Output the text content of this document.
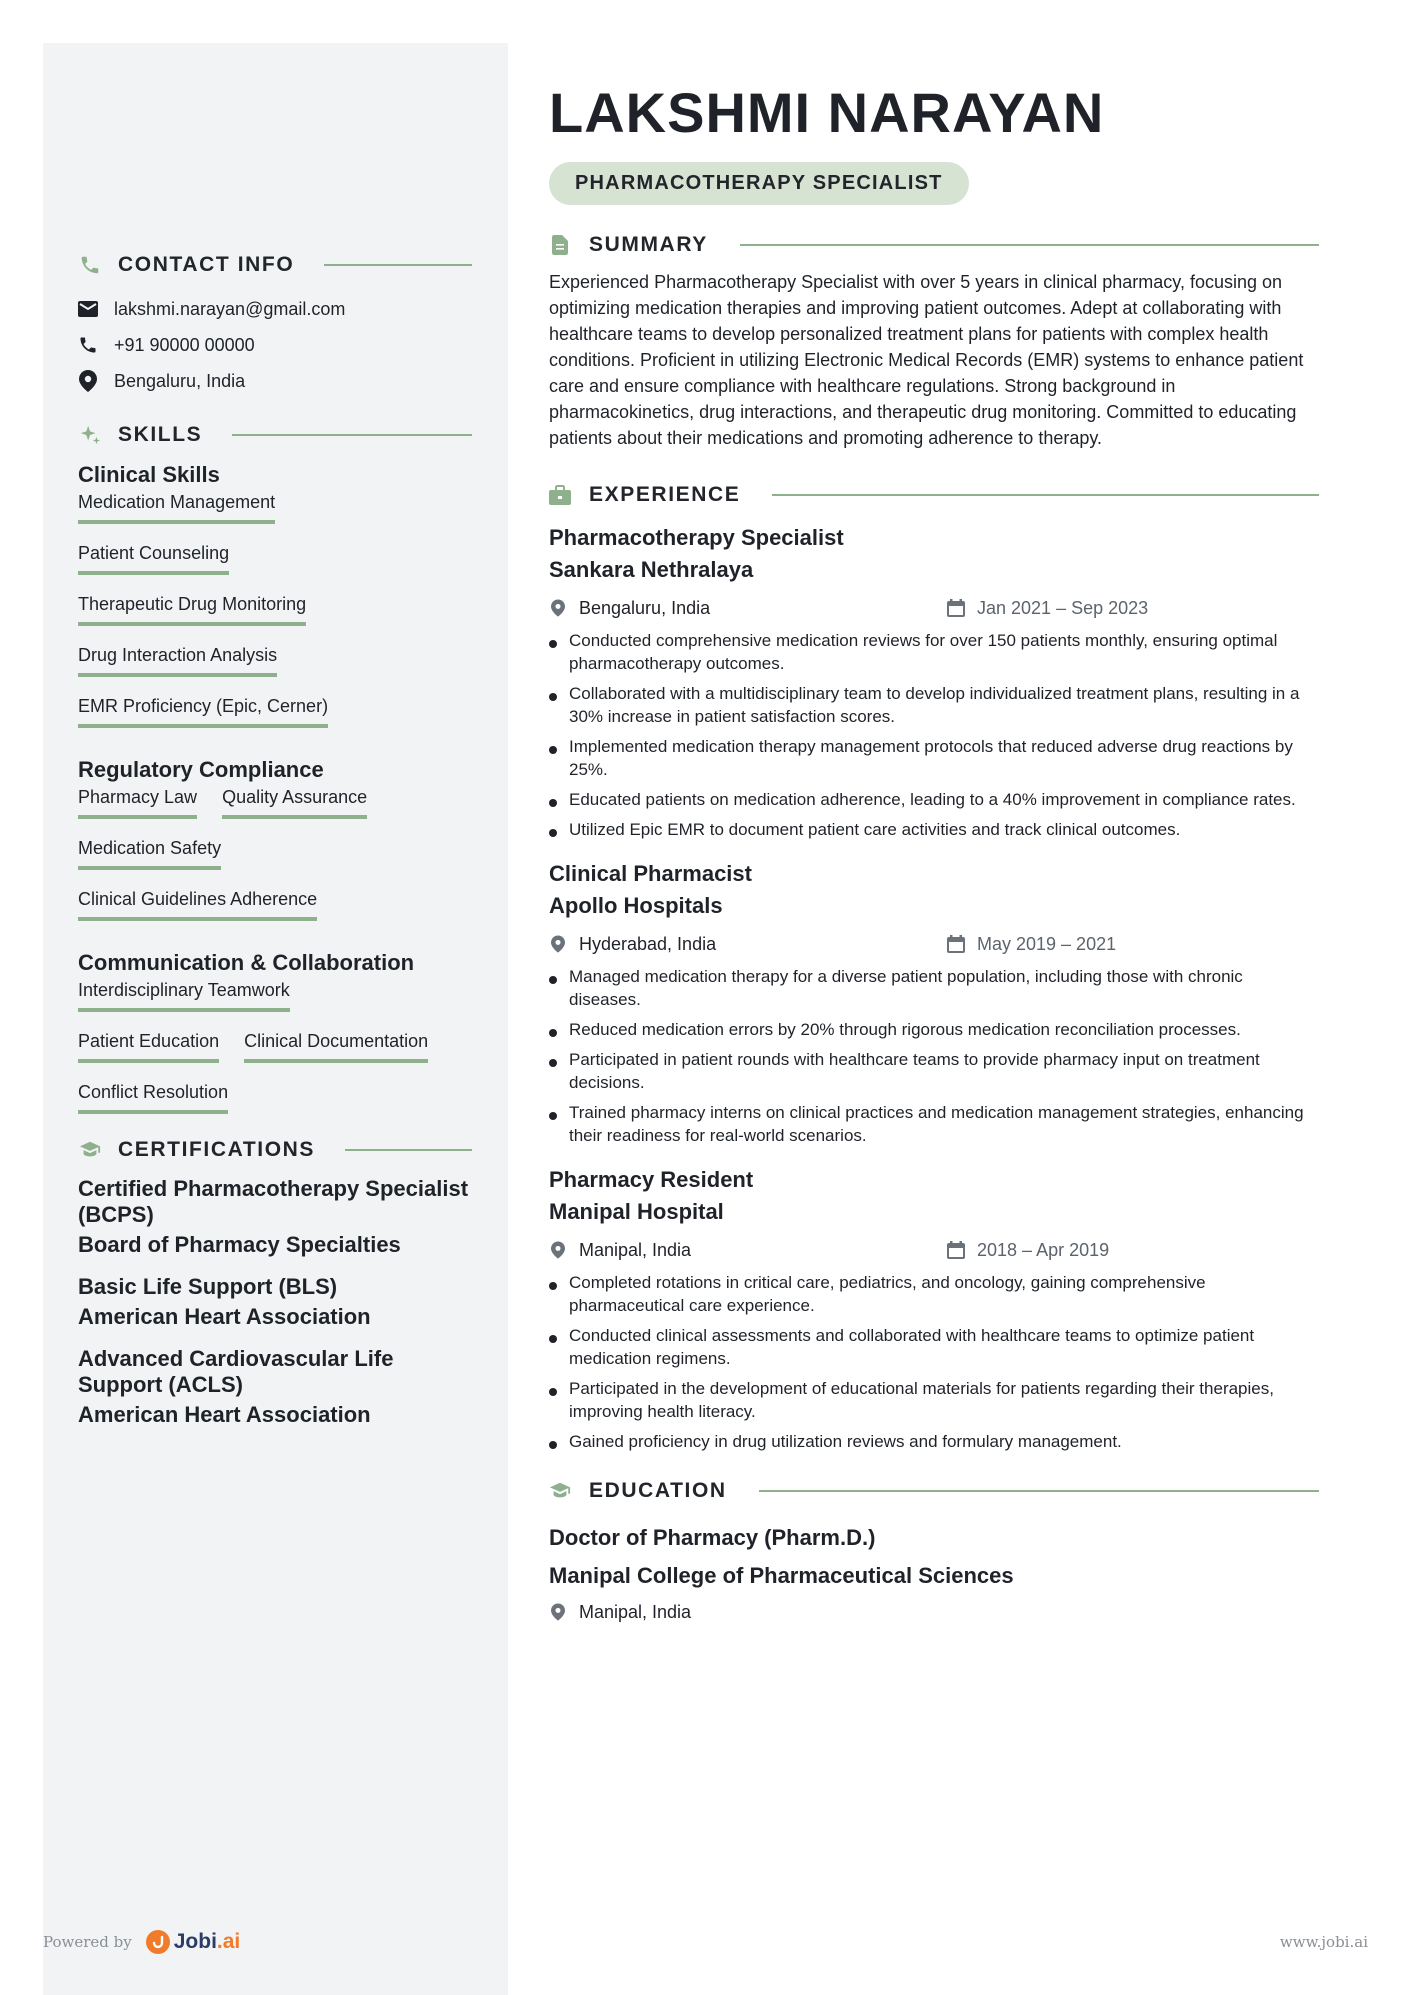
CONTACT INFO
lakshmi.narayan@gmail.com
+91 90000 00000
Bengaluru, India
SKILLS
Clinical Skills
Medication Management
Patient Counseling
Therapeutic Drug Monitoring
Drug Interaction Analysis
EMR Proficiency (Epic, Cerner)
Regulatory Compliance
Pharmacy Law Quality Assurance
Medication Safety
Clinical Guidelines Adherence
Communication & Collaboration
Interdisciplinary Teamwork
Patient Education Clinical Documentation
Conflict Resolution
CERTIFICATIONS
Certified Pharmacotherapy Specialist (BCPS)
Board of Pharmacy Specialties
Basic Life Support (BLS)
American Heart Association
Advanced Cardiovascular Life Support (ACLS)
American Heart Association
LAKSHMI NARAYAN
PHARMACOTHERAPY SPECIALIST
SUMMARY

Experienced Pharmacotherapy Specialist with over 5 years in clinical pharmacy, focusing on optimizing medication therapies and improving patient outcomes. Adept at collaborating with healthcare teams to develop personalized treatment plans for patients with complex health conditions. Proficient in utilizing Electronic Medical Records (EMR) systems to enhance patient care and ensure compliance with healthcare regulations. Strong background in pharmacokinetics, drug interactions, and therapeutic drug monitoring. Committed to educating patients about their medications and promoting adherence to therapy.

EXPERIENCE
Pharmacotherapy Specialist
Sankara Nethralaya
Bengaluru, India	Jan 2021 – Sep 2023
Conducted comprehensive medication reviews for over 150 patients monthly, ensuring optimal pharmacotherapy outcomes.
Collaborated with a multidisciplinary team to develop individualized treatment plans, resulting in a 30% increase in patient satisfaction scores.
Implemented medication therapy management protocols that reduced adverse drug reactions by 25%.
Educated patients on medication adherence, leading to a 40% improvement in compliance rates.
Utilized Epic EMR to document patient care activities and track clinical outcomes.
Clinical Pharmacist
Apollo Hospitals
Hyderabad, India	May 2019 – 2021
Managed medication therapy for a diverse patient population, including those with chronic diseases.
Reduced medication errors by 20% through rigorous medication reconciliation processes.
Participated in patient rounds with healthcare teams to provide pharmacy input on treatment decisions.
Trained pharmacy interns on clinical practices and medication management strategies, enhancing their readiness for real-world scenarios.
Pharmacy Resident
Manipal Hospital
Manipal, India	2018 – Apr 2019
Completed rotations in critical care, pediatrics, and oncology, gaining comprehensive pharmaceutical care experience.
Conducted clinical assessments and collaborated with healthcare teams to optimize patient medication regimens.
Participated in the development of educational materials for patients regarding their therapies, improving health literacy.
Gained proficiency in drug utilization reviews and formulary management.
EDUCATION
Doctor of Pharmacy (Pharm.D.)
Manipal College of Pharmaceutical Sciences
Manipal, India
Powered by Jobi.ai	www.jobi.ai
